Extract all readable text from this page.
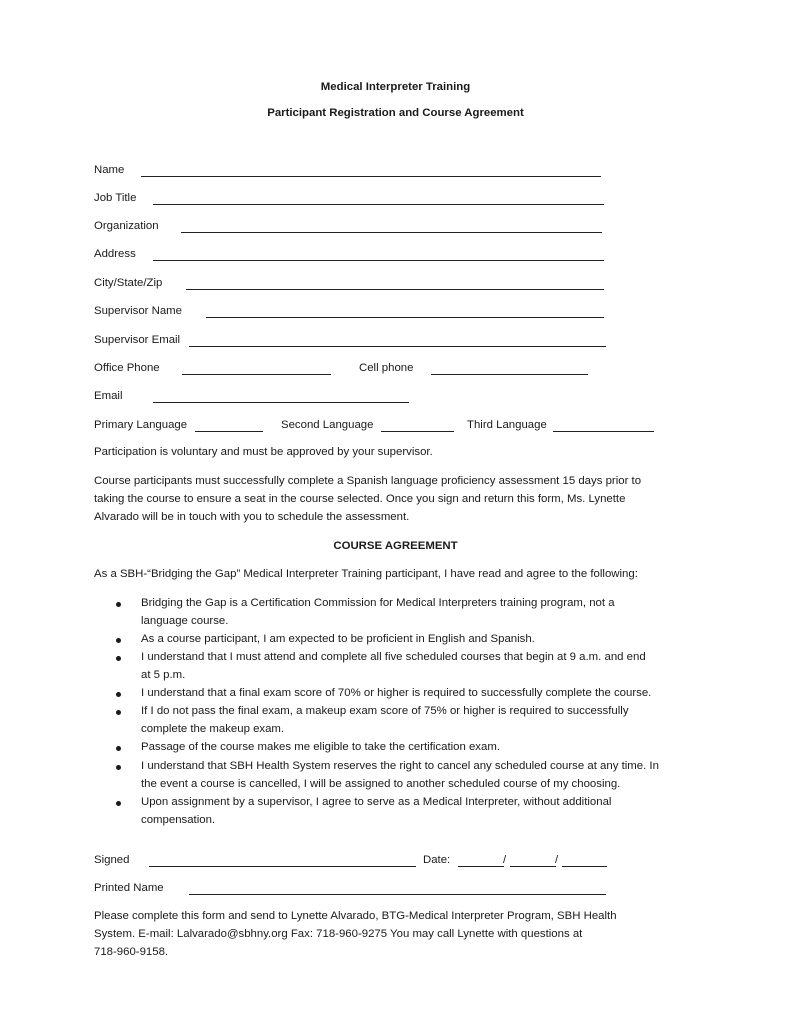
Medical Interpreter Training
Participant Registration and Course Agreement
Name
Job Title
Organization
Address
City/State/Zip
Supervisor Name
Supervisor Email
Office Phone	Cell phone
Email
Primary Language	Second Language	Third Language
Participation is voluntary and must be approved by your supervisor.
Course participants must successfully complete a Spanish language proficiency assessment 15 days prior to
taking the course to ensure a seat in the course selected. Once you sign and return this form, Ms. Lynette
Alvarado will be in touch with you to schedule the assessment.
COURSE AGREEMENT
As a SBH-“Bridging the Gap” Medical Interpreter Training participant, I have read and agree to the following:
Bridging the Gap is a Certification Commission for Medical Interpreters training program, not a
language course.
As a course participant, I am expected to be proficient in English and Spanish.
I understand that I must attend and complete all five scheduled courses that begin at 9 a.m. and end
at 5 p.m.
I understand that a final exam score of 70% or higher is required to successfully complete the course.
If I do not pass the final exam, a makeup exam score of 75% or higher is required to successfully
complete the makeup exam.
Passage of the course makes me eligible to take the certification exam.
I understand that SBH Health System reserves the right to cancel any scheduled course at any time. In
the event a course is cancelled, I will be assigned to another scheduled course of my choosing.
Upon assignment by a supervisor, I agree to serve as a Medical Interpreter, without additional
compensation.
Signed	Date:	/	/
Printed Name
Please complete this form and send to Lynette Alvarado, BTG-Medical Interpreter Program, SBH Health
System. E-mail: Lalvarado@sbhny.org Fax: 718-960-9275 You may call Lynette with questions at
718-960-9158.
